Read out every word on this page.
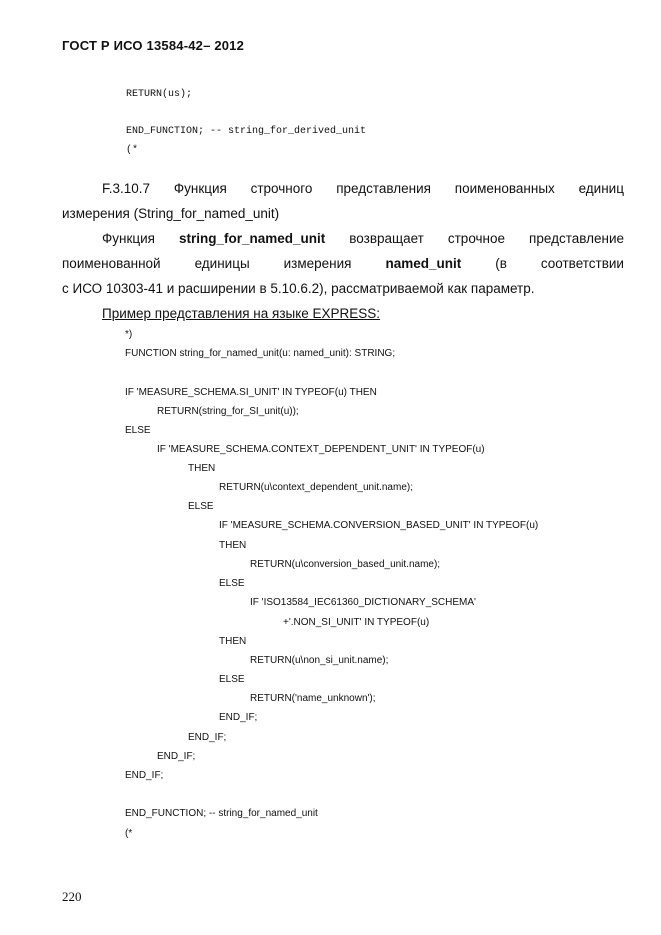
ГОСТ Р ИСО 13584-42– 2012
RETURN(us);
END_FUNCTION; -- string_for_derived_unit
(*
F.3.10.7 Функция строчного представления поименованных единиц
измерения (String_for_named_unit)
Функция string_for_named_unit возвращает строчное представление
поименованной	единицы	измерения	named_unit	(в	соответствии
с ИСО 10303-41 и расширении в 5.10.6.2), рассматриваемой как параметр.
Пример представления на языке EXPRESS:
*)
FUNCTION string_for_named_unit(u: named_unit): STRING;
IF 'MEASURE_SCHEMA.SI_UNIT' IN TYPEOF(u) THEN
RETURN(string_for_SI_unit(u));
ELSE
IF 'MEASURE_SCHEMA.CONTEXT_DEPENDENT_UNIT' IN TYPEOF(u)
THEN
RETURN(u\context_dependent_unit.name);
ELSE
IF 'MEASURE_SCHEMA.CONVERSION_BASED_UNIT' IN TYPEOF(u)
THEN
RETURN(u\conversion_based_unit.name);
ELSE
IF 'ISO13584_IEC61360_DICTIONARY_SCHEMA'
+'.NON_SI_UNIT' IN TYPEOF(u)
THEN
RETURN(u\non_si_unit.name);
ELSE
RETURN('name_unknown');
END_IF;
END_IF;
END_IF;
END_IF;
END_FUNCTION; -- string_for_named_unit
(*
220
